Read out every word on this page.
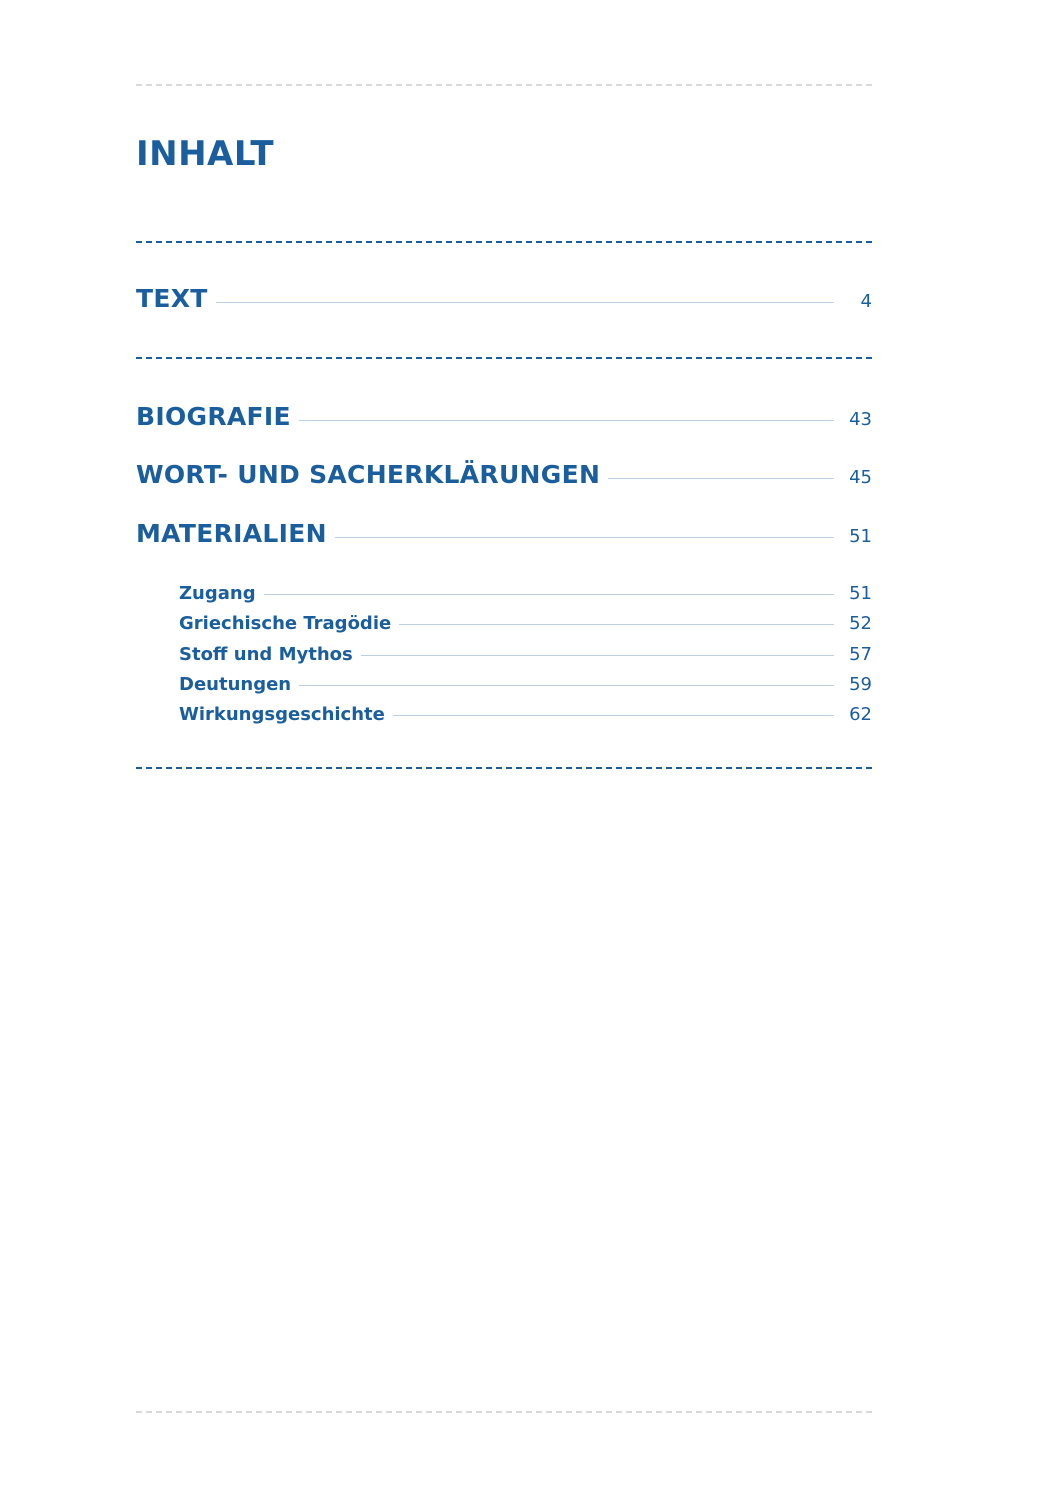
INHALT
TEXT	4
BIOGRAFIE	43
WORT- UND SACHERKLÄRUNGEN	45
MATERIALIEN	51
Zugang	51
Griechische Tragödie	52
Stoff und Mythos	57
Deutungen	59
Wirkungsgeschichte	62
